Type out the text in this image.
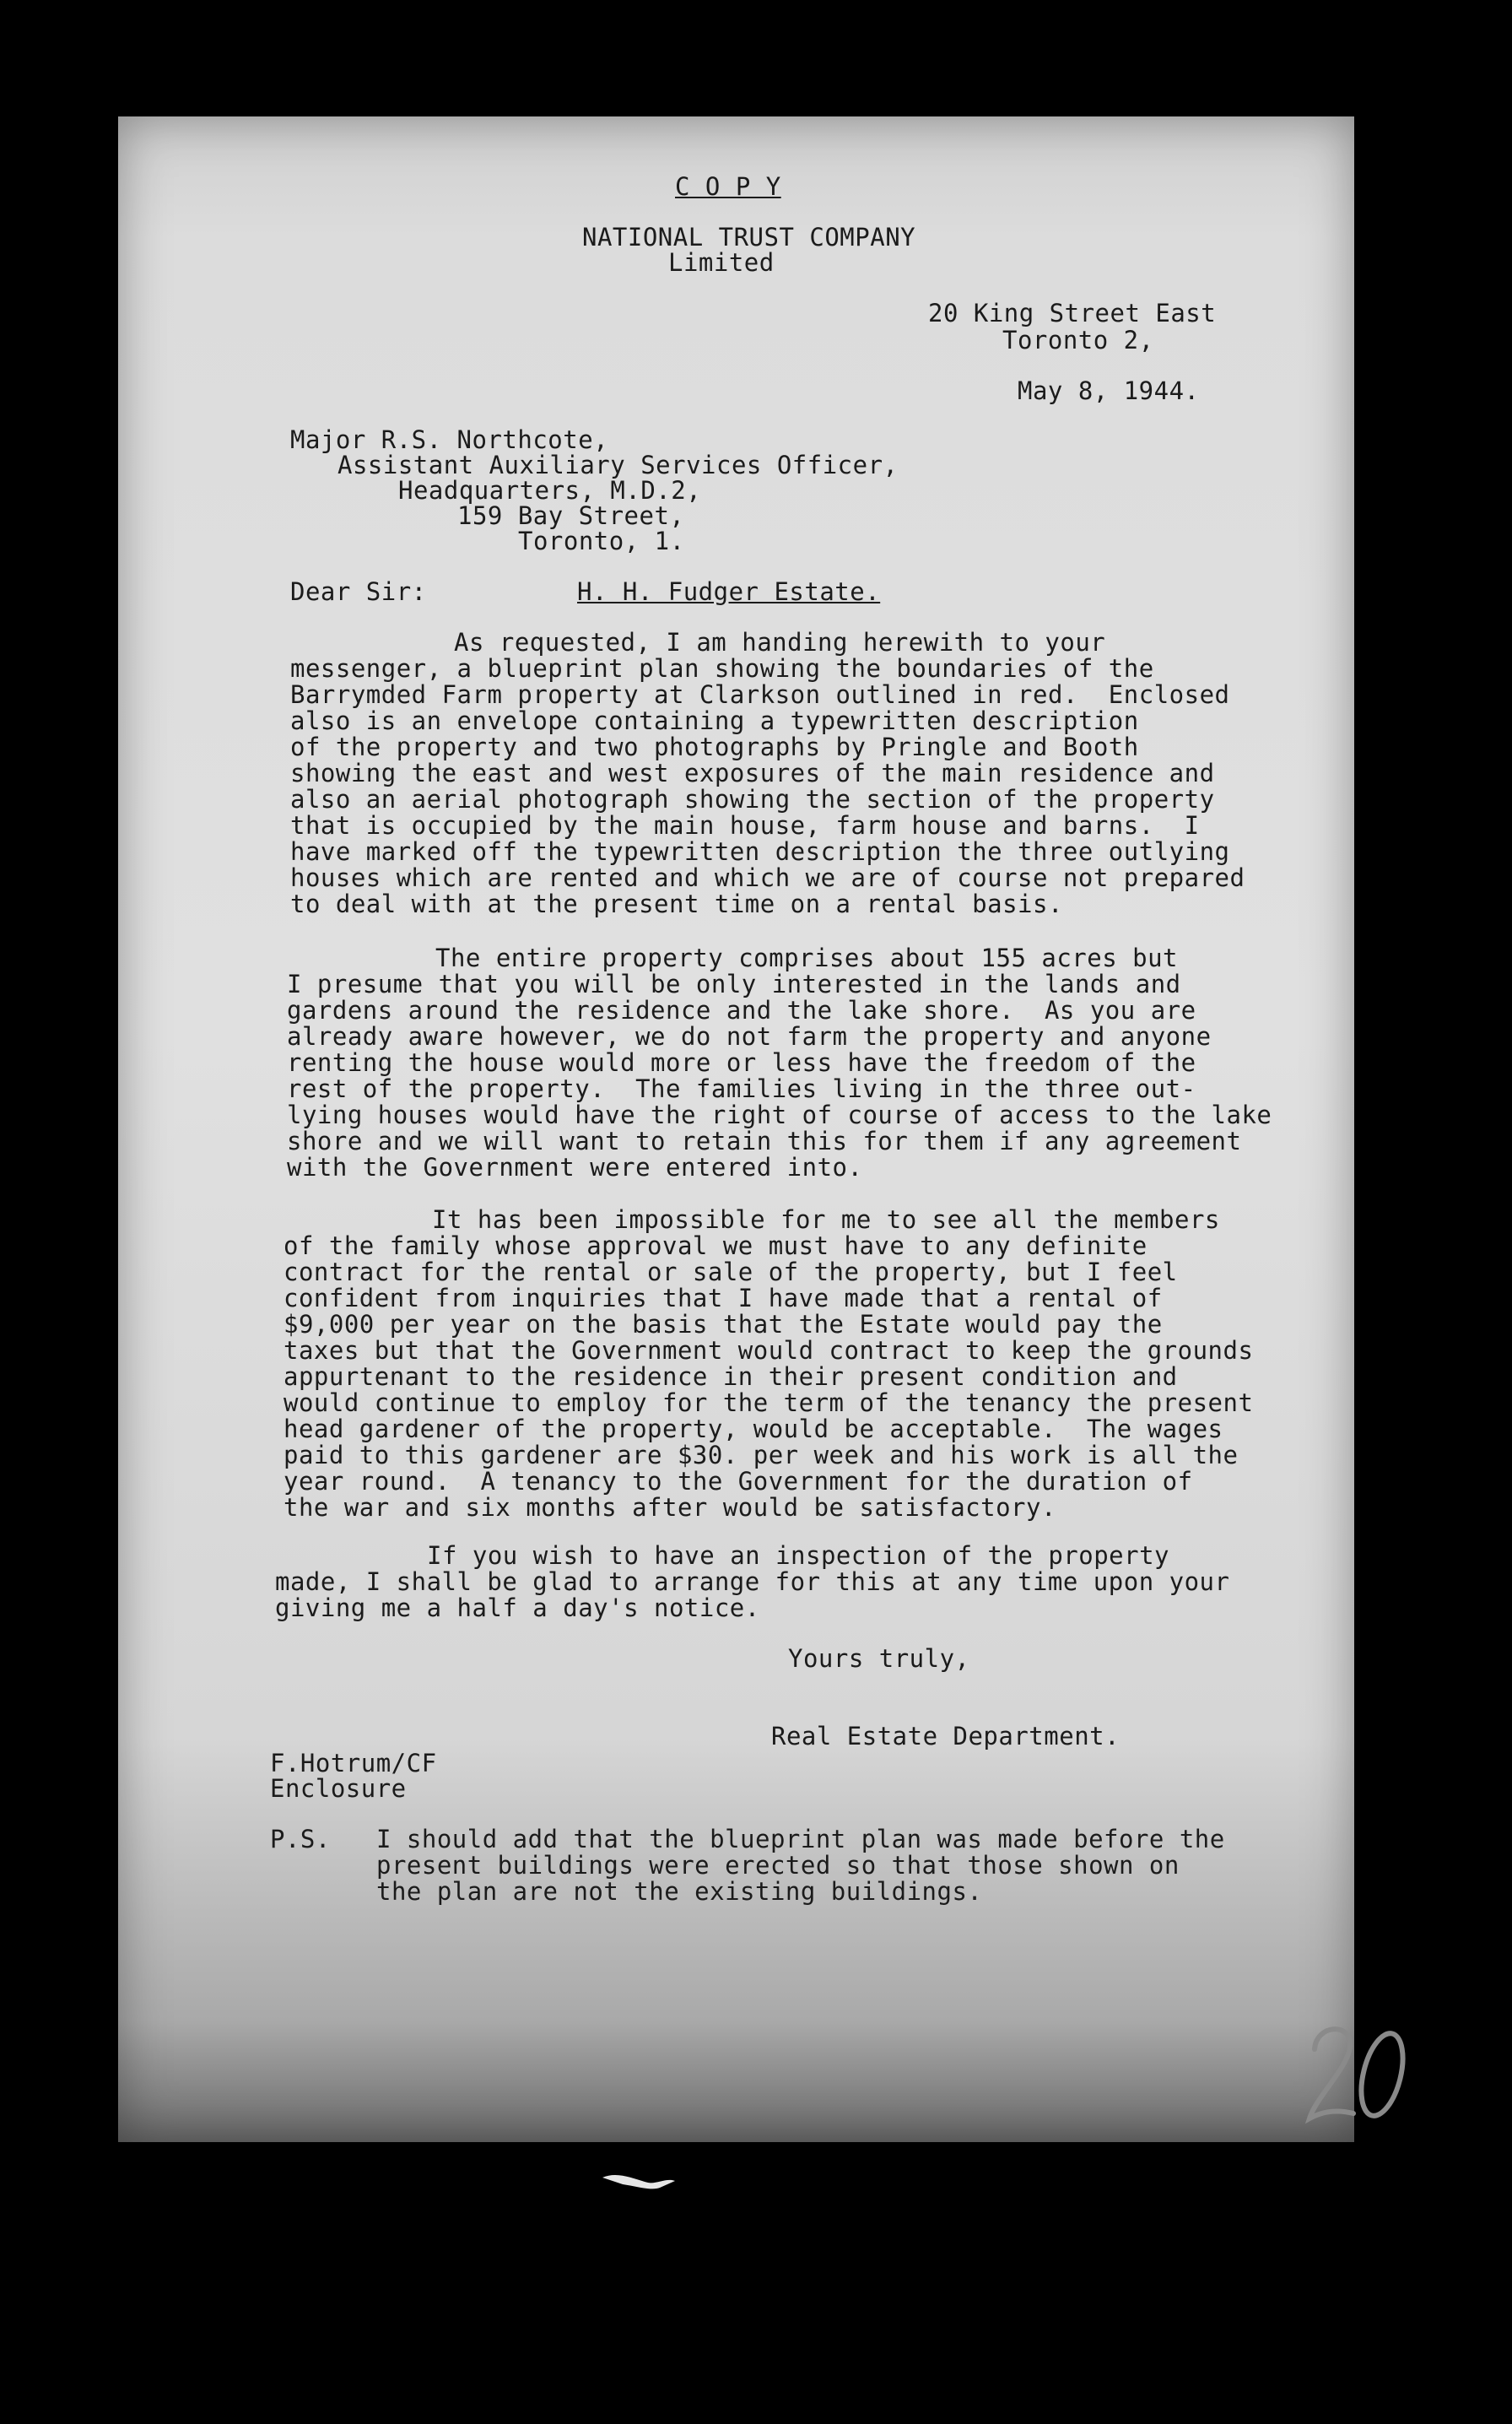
C O P Y
NATIONAL TRUST COMPANY
Limited
20 King Street East
Toronto 2,
May 8, 1944.
Major R.S. Northcote,
Assistant Auxiliary Services Officer,
Headquarters, M.D.2,
159 Bay Street,
Toronto, 1.
Dear Sir:	H. H. Fudger Estate.
As requested, I am handing herewith to your
messenger, a blueprint plan showing the boundaries of the
Barrymded Farm property at Clarkson outlined in red.  Enclosed
also is an envelope containing a typewritten description
of the property and two photographs by Pringle and Booth
showing the east and west exposures of the main residence and
also an aerial photograph showing the section of the property
that is occupied by the main house, farm house and barns.  I
have marked off the typewritten description the three outlying
houses which are rented and which we are of course not prepared
to deal with at the present time on a rental basis.
The entire property comprises about 155 acres but
I presume that you will be only interested in the lands and
gardens around the residence and the lake shore.  As you are
already aware however, we do not farm the property and anyone
renting the house would more or less have the freedom of the
rest of the property.  The families living in the three out-
lying houses would have the right of course of access to the lake
shore and we will want to retain this for them if any agreement
with the Government were entered into.
It has been impossible for me to see all the members
of the family whose approval we must have to any definite
contract for the rental or sale of the property, but I feel
confident from inquiries that I have made that a rental of
$9,000 per year on the basis that the Estate would pay the
taxes but that the Government would contract to keep the grounds
appurtenant to the residence in their present condition and
would continue to employ for the term of the tenancy the present
head gardener of the property, would be acceptable.  The wages
paid to this gardener are $30. per week and his work is all the
year round.  A tenancy to the Government for the duration of
the war and six months after would be satisfactory.
If you wish to have an inspection of the property
made, I shall be glad to arrange for this at any time upon your
giving me a half a day's notice.
Yours truly,
Real Estate Department.
F.Hotrum/CF
Enclosure
P.S. I should add that the blueprint plan was made before the
present buildings were erected so that those shown on
the plan are not the existing buildings.
